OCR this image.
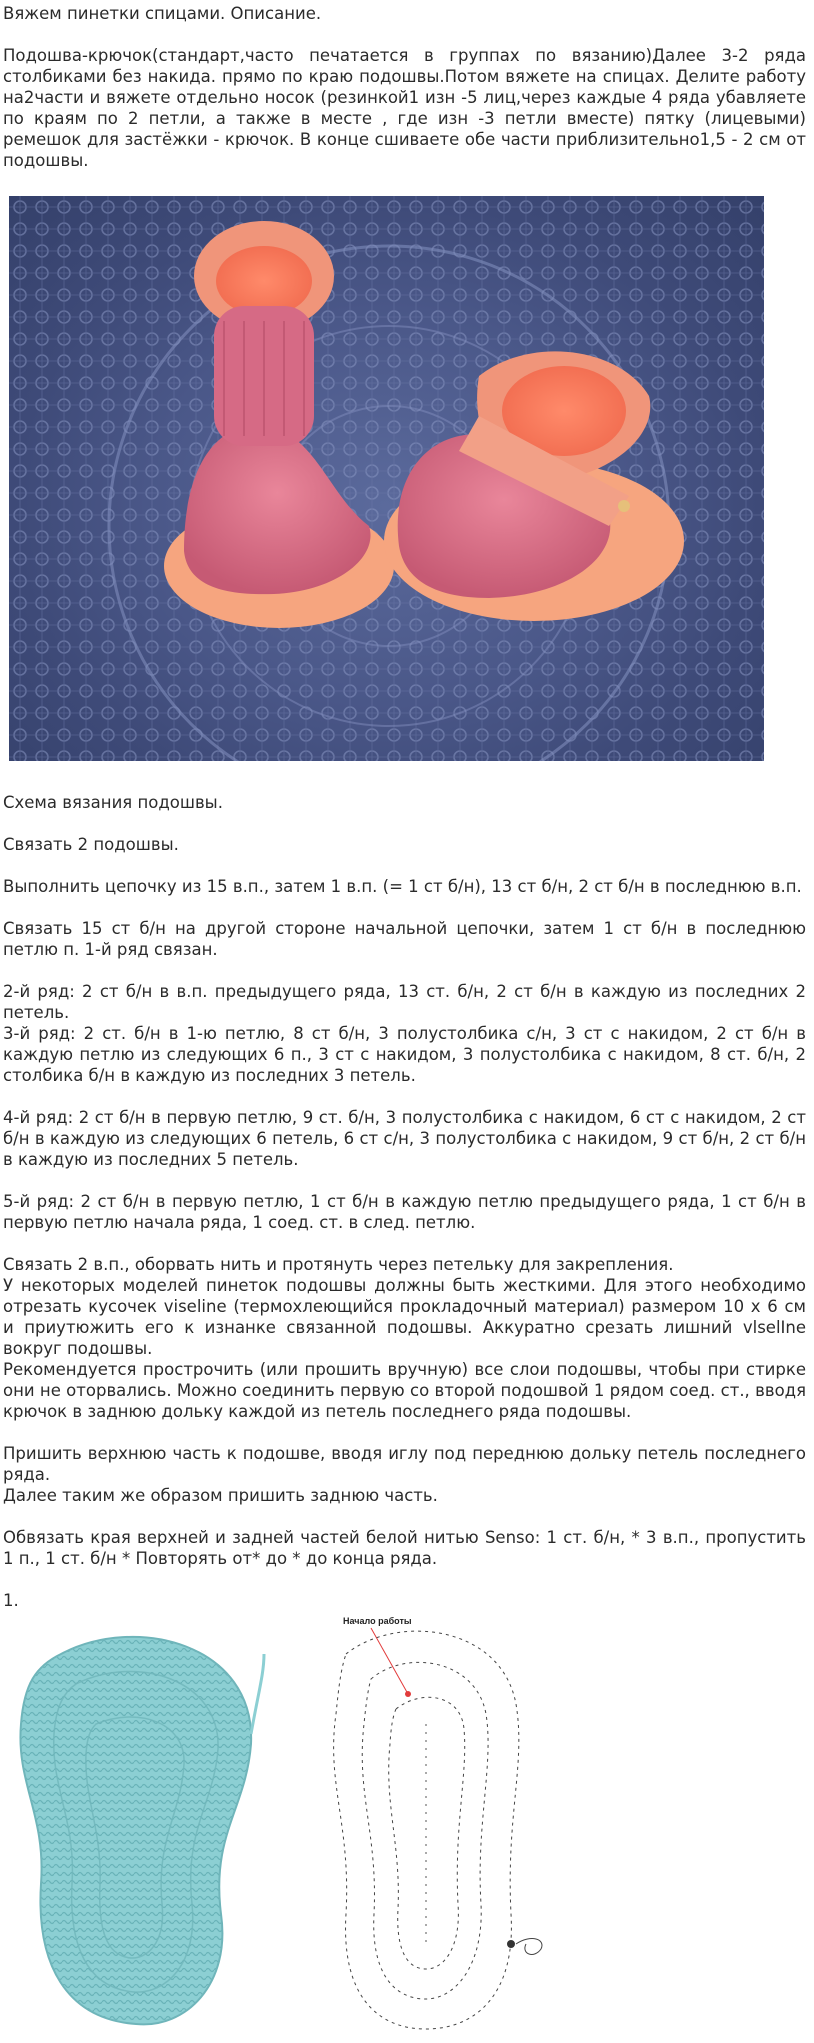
Вяжем пинетки спицами. Описание.

Подошва-крючок(стандарт,часто печатается в группах по вязанию)Далее 3-2 ряда столбиками без накида. прямо по краю подошвы.Потом вяжете на спицах. Делите работу на2части и вяжете отдельно носок (резинкой1 изн -5 лиц,через каждые 4 ряда убавляете по краям по 2 петли, а также в месте , где изн -3 петли вместе) пятку (лицевыми) ремешок для застёжки - крючок. В конце сшиваете обе части приблизительно1,5 - 2 см от подошвы.

Схема вязания подошвы.

Связать 2 подошвы.

Выполнить цепочку из 15 в.п., затем 1 в.п. (= 1 ст б/н), 13 ст б/н, 2 ст б/н в последнюю в.п.

Связать 15 ст б/н на другой стороне начальной цепочки, затем 1 ст б/н в последнюю петлю п. 1-й ряд связан.

2-й ряд: 2 ст б/н в в.п. предыдущего ряда, 13 ст. б/н, 2 ст б/н в каждую из последних 2 петель.

3-й ряд: 2 ст. б/н в 1-ю петлю, 8 ст б/н, 3 полустолбика с/н, 3 ст с накидом, 2 ст б/н в каждую петлю из следующих 6 п., 3 ст с накидом, 3 полустолбика с накидом, 8 ст. б/н, 2 столбика б/н в каждую из последних 3 петель.

4-й ряд: 2 ст б/н в первую петлю, 9 ст. б/н, 3 полустолбика с накидом, 6 ст с накидом, 2 ст б/н в каждую из следующих 6 петель, 6 ст с/н, 3 полустолбика с накидом, 9 ст б/н, 2 ст б/н в каждую из последних 5 петель.

5-й ряд: 2 ст б/н в первую петлю, 1 ст б/н в каждую петлю предыдущего ряда, 1 ст б/н в первую петлю начала ряда, 1 соед. ст. в след. петлю.

Связать 2 в.п., оборвать нить и протянуть через петельку для закрепления.
У некоторых моделей пинеток подошвы должны быть жесткими. Для этого необходимо отрезать кусочек viseline (термохлеющийся прокладочный материал) размером 10 х 6 см и приутюжить его к изнанке связанной подошвы. Аккуратно срезать лишний vlselIne вокруг подошвы.

Рекомендуется прострочить (или прошить вручную) все слои подошвы, чтобы при стирке они не оторвались. Можно соединить первую со второй подошвой 1 рядом соед. ст., вводя крючок в заднюю дольку каждой из петель последнего ряда подошвы.

Пришить верхнюю часть к подошве, вводя иглу под переднюю дольку петель последнего ряда.

Далее таким же образом пришить заднюю часть.

Обвязать края верхней и задней частей белой нитью Senso: 1 ст. б/н, * 3 в.п., пропустить 1 п., 1 ст. б/н * Повторять от* до * до конца ряда.

1.

Начало работы
